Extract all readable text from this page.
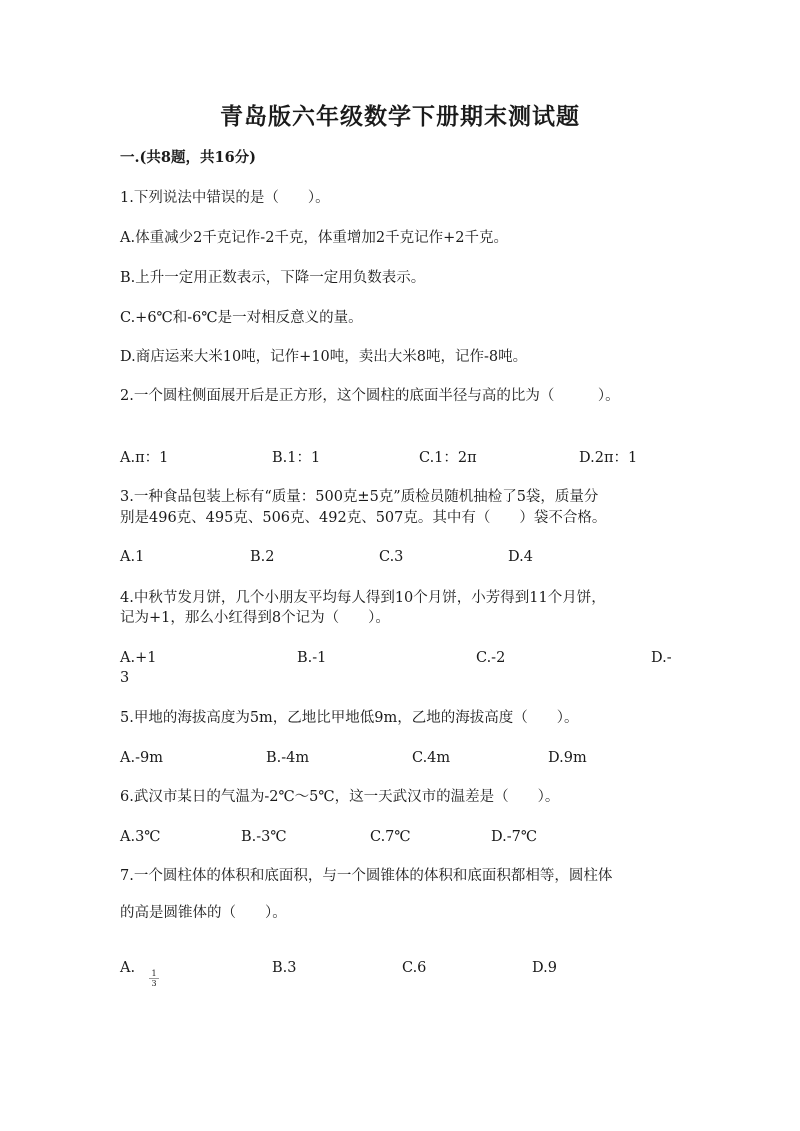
青岛版六年级数学下册期末测试题
一.(共8题，共16分)
1.下列说法中错误的是（　　）。
A.体重减少2千克记作-2千克，体重增加2千克记作+2千克。
B.上升一定用正数表示，下降一定用负数表示。
C.+6℃和-6℃是一对相反意义的量。
D.商店运来大米10吨，记作+10吨，卖出大米8吨，记作-8吨。
2.一个圆柱侧面展开后是正方形，这个圆柱的底面半径与高的比为（　　　）。
A.π：1	B.1：1	C.1：2π	D.2π：1
3.一种食品包装上标有“质量：500克±5克”质检员随机抽检了5袋，质量分
别是496克、495克、506克、492克、507克。其中有（　　）袋不合格。
A.1	B.2	C.3	D.4
4.中秋节发月饼，几个小朋友平均每人得到10个月饼，小芳得到11个月饼，
记为+1，那么小红得到8个记为（　　）。
A.+1	B.-1	C.-2	D.-
3
5.甲地的海拔高度为5m，乙地比甲地低9m，乙地的海拔高度（　　）。
A.-9m	B.-4m	C.4m	D.9m
6.武汉市某日的气温为-2℃～5℃，这一天武汉市的温差是（　　）。
A.3℃	B.-3℃	C.7℃	D.-7℃
7.一个圆柱体的体积和底面积，与一个圆锥体的体积和底面积都相等，圆柱体
的高是圆锥体的（　　）。
A.	1
3
B.3	C.6	D.9
